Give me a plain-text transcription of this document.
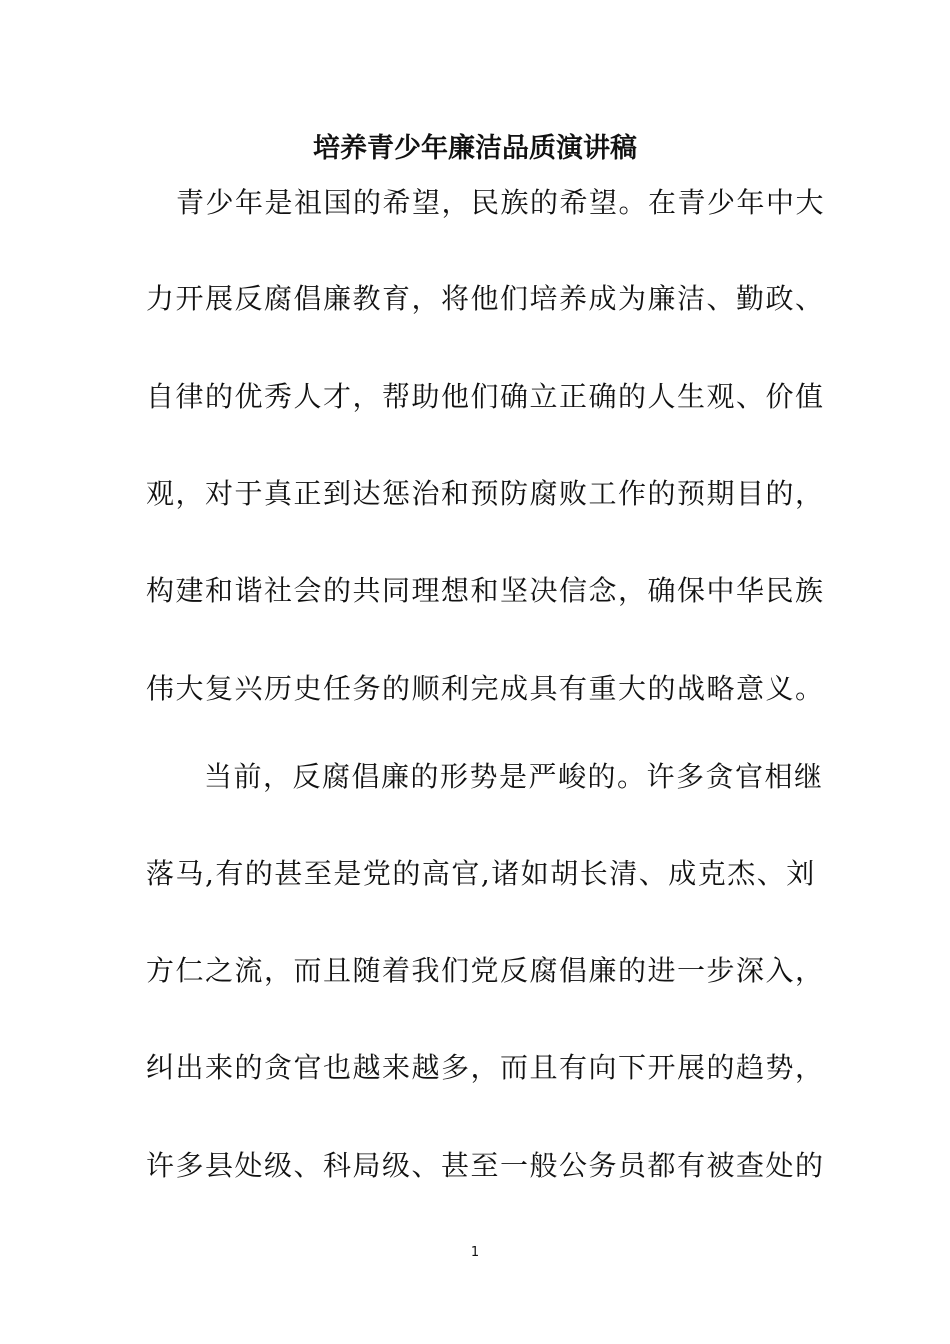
培养青少年廉洁品质演讲稿
青少年是祖国的希望，民族的希望。在青少年中大
力开展反腐倡廉教育，将他们培养成为廉洁、勤政、
自律的优秀人才，帮助他们确立正确的人生观、价值
观，对于真正到达惩治和预防腐败工作的预期目的，
构建和谐社会的共同理想和坚决信念，确保中华民族
伟大复兴历史任务的顺利完成具有重大的战略意义。
当前，反腐倡廉的形势是严峻的。许多贪官相继
落马,有的甚至是党的高官,诸如胡长清、成克杰、刘
方仁之流，而且随着我们党反腐倡廉的进一步深入，
纠出来的贪官也越来越多，而且有向下开展的趋势，
许多县处级、科局级、甚至一般公务员都有被查处的
1
